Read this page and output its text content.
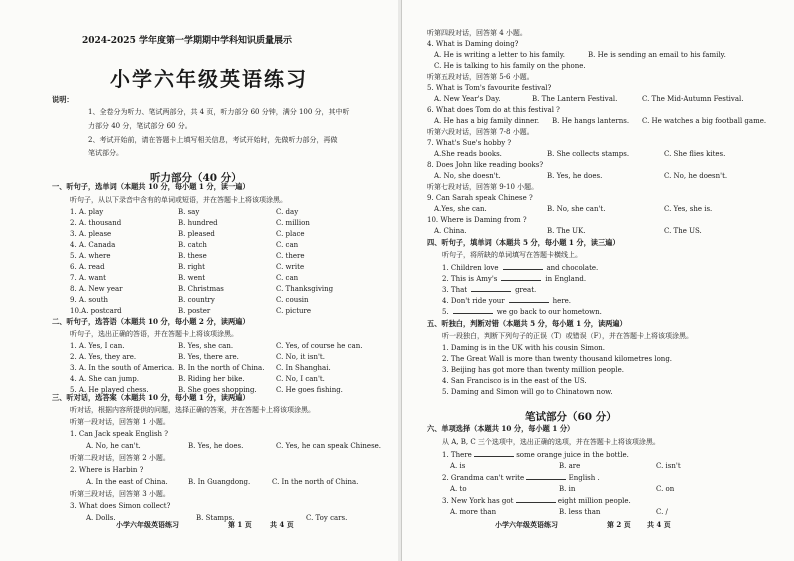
2024-2025 学年度第一学期期中学科知识质量展示
小学六年级英语练习
说明：
1、全卷分为听力、笔试两部分，共 4 页，听力部分 60 分钟，满分 100 分，其中听
力部分 40 分，笔试部分 60 分。
2、考试开始前，请在答题卡上填写相关信息，考试开始时，先做听力部分，再做
笔试部分。
听力部分（40 分）
一、听句子，选单词（本题共 10 分，每小题 1 分，读一遍）
听句子，从以下录音中含有的单词或短语，并在答题卡上将该项涂黑。
1. A. play	B. say	C. day
2. A. thousand	B. hundred	C. million
3. A. please	B. pleased	C. place
4. A. Canada	B. catch	C. can
5. A. where	B. these	C. there
6. A. read	B. right	C. write
7. A. want	B. went	C. can
8. A. New year	B. Christmas	C. Thanksgiving
9. A. south	B. country	C. cousin
10.A. postcard	B. poster	C. picture
二、听句子，选答语（本题共 10 分，每小题 2 分，读两遍）
听句子，选出正确的答语，并在答题卡上将该项涂黑。
1. A. Yes, I can.	B. Yes, she can.	C. Yes, of course he can.
2. A. Yes, they are.	B. Yes, there are.	C. No, it isn't.
3. A. In the south of America. B. In the north of China. C. In Shanghai.
4. A. She can jump.	B. Riding her bike.	C. No, I can't.
5. A. He played chess.	B. She goes shopping.	C. He goes fishing.
三、听对话，选答案（本题共 10 分，每小题 1 分，读两遍）
听对话，根据内容所提供的问题，选择正确的答案，并在答题卡上将该项涂黑。
听第一段对话，回答第 1 小题。
1. Can Jack speak English ?
A. No, he can't.	B. Yes, he does.	C. Yes, he can speak Chinese.
听第二段对话，回答第 2 小题。
2. Where is Harbin ?
A. In the east of China.	B. In Guangdong.	C. In the north of China.
听第三段对话，回答第 3 小题。
3. What does Simon collect?
A. Dolls.	B. Stamps.	C. Toy cars.
小学六年级英语练习	第 1 页	共 4 页
听第四段对话，回答第 4 小题。
4. What is Daming doing?
A. He is writing a letter to his family.	B. He is sending an email to his family.
C. He is talking to his family on the phone.
听第五段对话，回答第 5-6 小题。
5. What is Tom's favourite festival?
A. New Year's Day.	B. The Lantern Festival.	C. The Mid-Autumn Festival.
6. What does Tom do at this festival ?
A. He has a big family dinner. B. He hangs lanterns. C. He watches a big football game.
听第六段对话，回答第 7-8 小题。
7. What's Sue's hobby ?
A.She reads books.	B. She collects stamps.	C. She flies kites.
8. Does John like reading books?
A. No, she doesn't.	B. Yes, he does.	C. No, he doesn't.
听第七段对话，回答第 9-10 小题。
9. Can Sarah speak Chinese ?
A.Yes, she can.	B. No, she can't.	C. Yes, she is.
10. Where is Daming from ?
A. China.	B. The UK.	C. The US.
四、听句子，填单词（本题共 5 分，每小题 1 分，读三遍）
听句子，将所缺的单词填写在答题卡横线上。
1. Children love	and chocolate.
2. This is Amy's	in England.
3. That	great.
4. Don't ride your	here.
5.	we go back to our hometown.
五、听独白，判断对错（本题共 5 分，每小题 1 分，读两遍）
听一段独白，判断下列句子的正误（T）或错误（F），并在答题卡上将该项涂黑。
1. Daming is in the UK with his cousin Simon.
2. The Great Wall is more than twenty thousand kilometres long.
3. Beijing has got more than twenty million people.
4. San Francisco is in the east of the US.
5. Daming and Simon will go to Chinatown now.
笔试部分（60 分）
六、单项选择（本题共 10 分，每小题 1 分）
从 A, B, C 三个选项中，选出正确的选项，并在答题卡上将该项涂黑。
1. There	some orange juice in the bottle.
A. is	B. are	C. isn't
2. Grandma can't write	English .
A. to	B. in	C. on
3. New York has got	eight million people.
A. more than	B. less than	C. /
小学六年级英语练习	第 2 页 共 4 页
